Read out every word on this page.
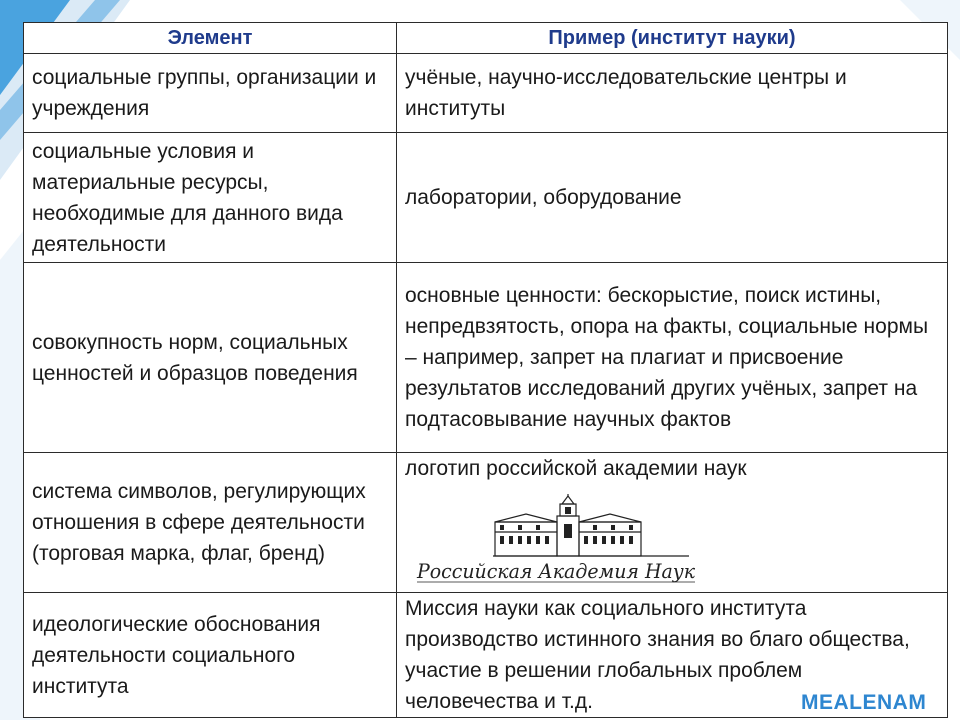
Элемент	Пример (институт науки)
социальные группы, организации и учреждения	учёные, научно-исследовательские центры и институты
социальные условия и материальные ресурсы, необходимые для данного вида деятельности	лаборатории, оборудование
совокупность норм, социальных ценностей и образцов поведения	основные ценности: бескорыстие, поиск истины, непредвзятость, опора на факты, социальные нормы – например, запрет на плагиат и присвоение результатов исследований других учёных, запрет на подтасовывание научных фактов
система символов, регулирующих отношения в сфере деятельности (торговая марка, флаг, бренд)	логотип российской академии наук
Российская Академия Наук

идеологические обоснования деятельности социального института	Миссия науки как социального института производство истинного знания во благо общества, участие в решении глобальных проблем человечества и т.д.	MEALENAM
